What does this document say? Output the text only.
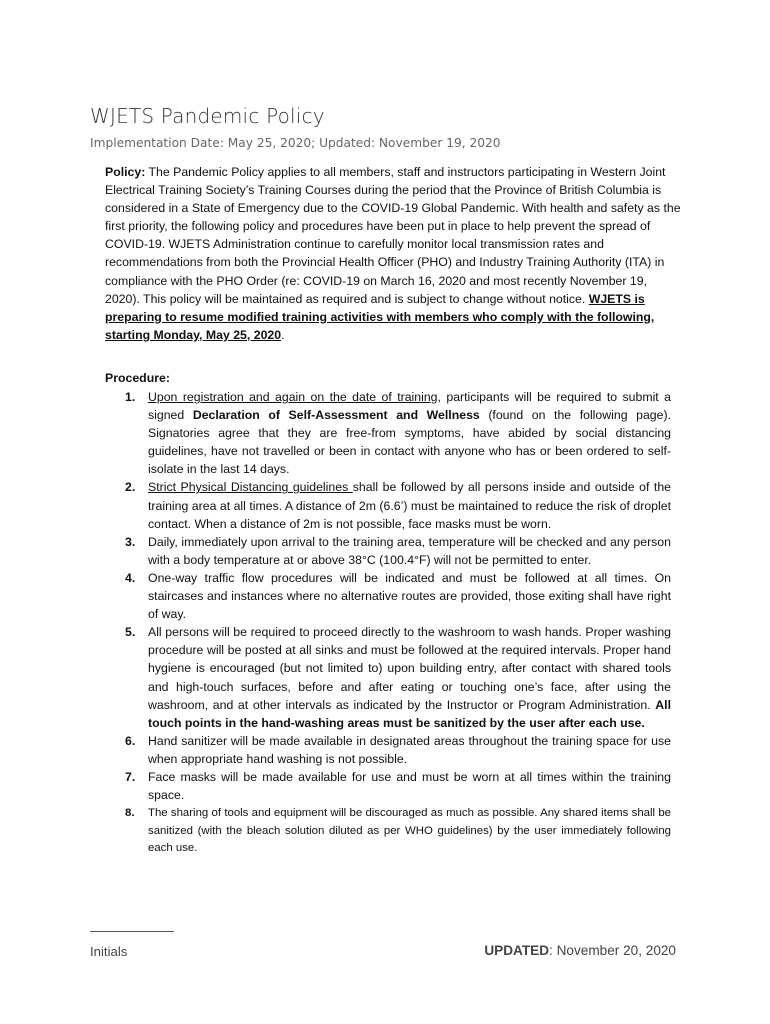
WJETS Pandemic Policy
Implementation Date: May 25, 2020; Updated: November 19, 2020
Policy: The Pandemic Policy applies to all members, staff and instructors participating in Western Joint Electrical Training Society’s Training Courses during the period that the Province of British Columbia is considered in a State of Emergency due to the COVID-19 Global Pandemic. With health and safety as the first priority, the following policy and procedures have been put in place to help prevent the spread of COVID-19. WJETS Administration continue to carefully monitor local transmission rates and recommendations from both the Provincial Health Officer (PHO) and Industry Training Authority (ITA) in compliance with the PHO Order (re: COVID-19 on March 16, 2020 and most recently November 19, 2020). This policy will be maintained as required and is subject to change without notice. WJETS is preparing to resume modified training activities with members who comply with the following, starting Monday, May 25, 2020.
Procedure:
1. Upon registration and again on the date of training, participants will be required to submit a signed Declaration of Self-Assessment and Wellness (found on the following page). Signatories agree that they are free-from symptoms, have abided by social distancing guidelines, have not travelled or been in contact with anyone who has or been ordered to self-isolate in the last 14 days.
2. Strict Physical Distancing guidelines shall be followed by all persons inside and outside of the training area at all times. A distance of 2m (6.6’) must be maintained to reduce the risk of droplet contact. When a distance of 2m is not possible, face masks must be worn.
3. Daily, immediately upon arrival to the training area, temperature will be checked and any person with a body temperature at or above 38°C (100.4°F) will not be permitted to enter.
4. One-way traffic flow procedures will be indicated and must be followed at all times. On staircases and instances where no alternative routes are provided, those exiting shall have right of way.
5. All persons will be required to proceed directly to the washroom to wash hands. Proper washing procedure will be posted at all sinks and must be followed at the required intervals. Proper hand hygiene is encouraged (but not limited to) upon building entry, after contact with shared tools and high-touch surfaces, before and after eating or touching one’s face, after using the washroom, and at other intervals as indicated by the Instructor or Program Administration. All touch points in the hand-washing areas must be sanitized by the user after each use.
6. Hand sanitizer will be made available in designated areas throughout the training space for use when appropriate hand washing is not possible.
7. Face masks will be made available for use and must be worn at all times within the training space.
8. The sharing of tools and equipment will be discouraged as much as possible. Any shared items shall be sanitized (with the bleach solution diluted as per WHO guidelines) by the user immediately following each use.
Initials	UPDATED: November 20, 2020
